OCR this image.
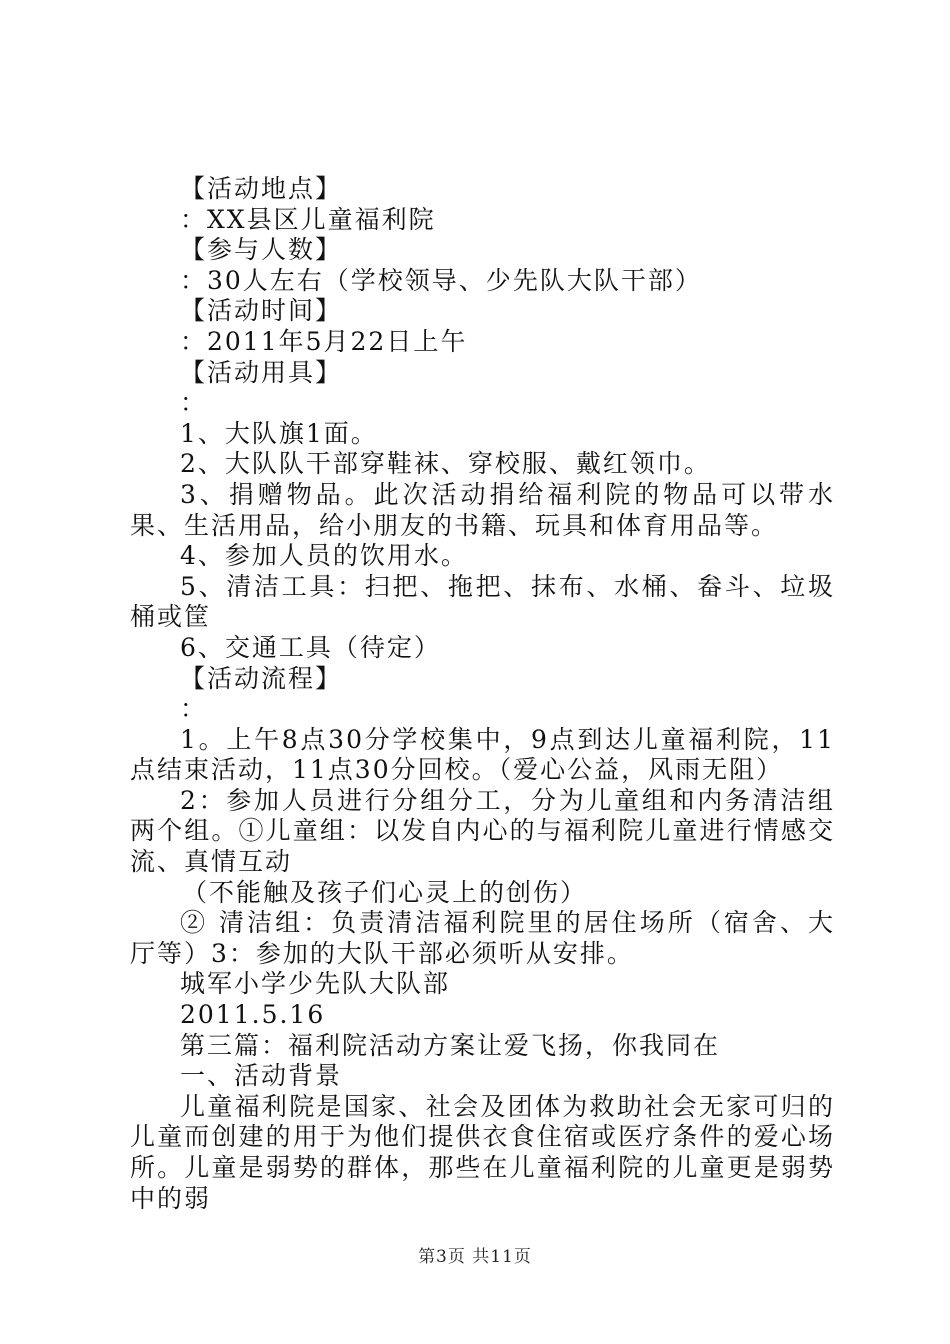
【活动地点】
：XX县区儿童福利院
【参与人数】
：30人左右（学校领导、少先队大队干部）
【活动时间】
：2011年5月22日上午
【活动用具】
：
1、大队旗1面。
2、大队队干部穿鞋袜、穿校服、戴红领巾。
3、捐赠物品。此次活动捐给福利院的物品可以带水果、生活用品，给小朋友的书籍、玩具和体育用品等。
4、参加人员的饮用水。
5、清洁工具：扫把、拖把、抹布、水桶、畚斗、垃圾桶或筐
6、交通工具（待定）
【活动流程】
：
1。上午8点30分学校集中，9点到达儿童福利院，11点结束活动，11点30分回校。（爱心公益，风雨无阻）
2：参加人员进行分组分工，分为儿童组和内务清洁组两个组。①儿童组：以发自内心的与福利院儿童进行情感交流、真情互动
（不能触及孩子们心灵上的创伤）
② 清洁组：负责清洁福利院里的居住场所（宿舍、大厅等）3：参加的大队干部必须听从安排。
城军小学少先队大队部
2011.5.16
第三篇：福利院活动方案让爱飞扬，你我同在
一、活动背景
儿童福利院是国家、社会及团体为救助社会无家可归的儿童而创建的用于为他们提供衣食住宿或医疗条件的爱心场所。儿童是弱势的群体，那些在儿童福利院的儿童更是弱势中的弱
第3页 共11页
